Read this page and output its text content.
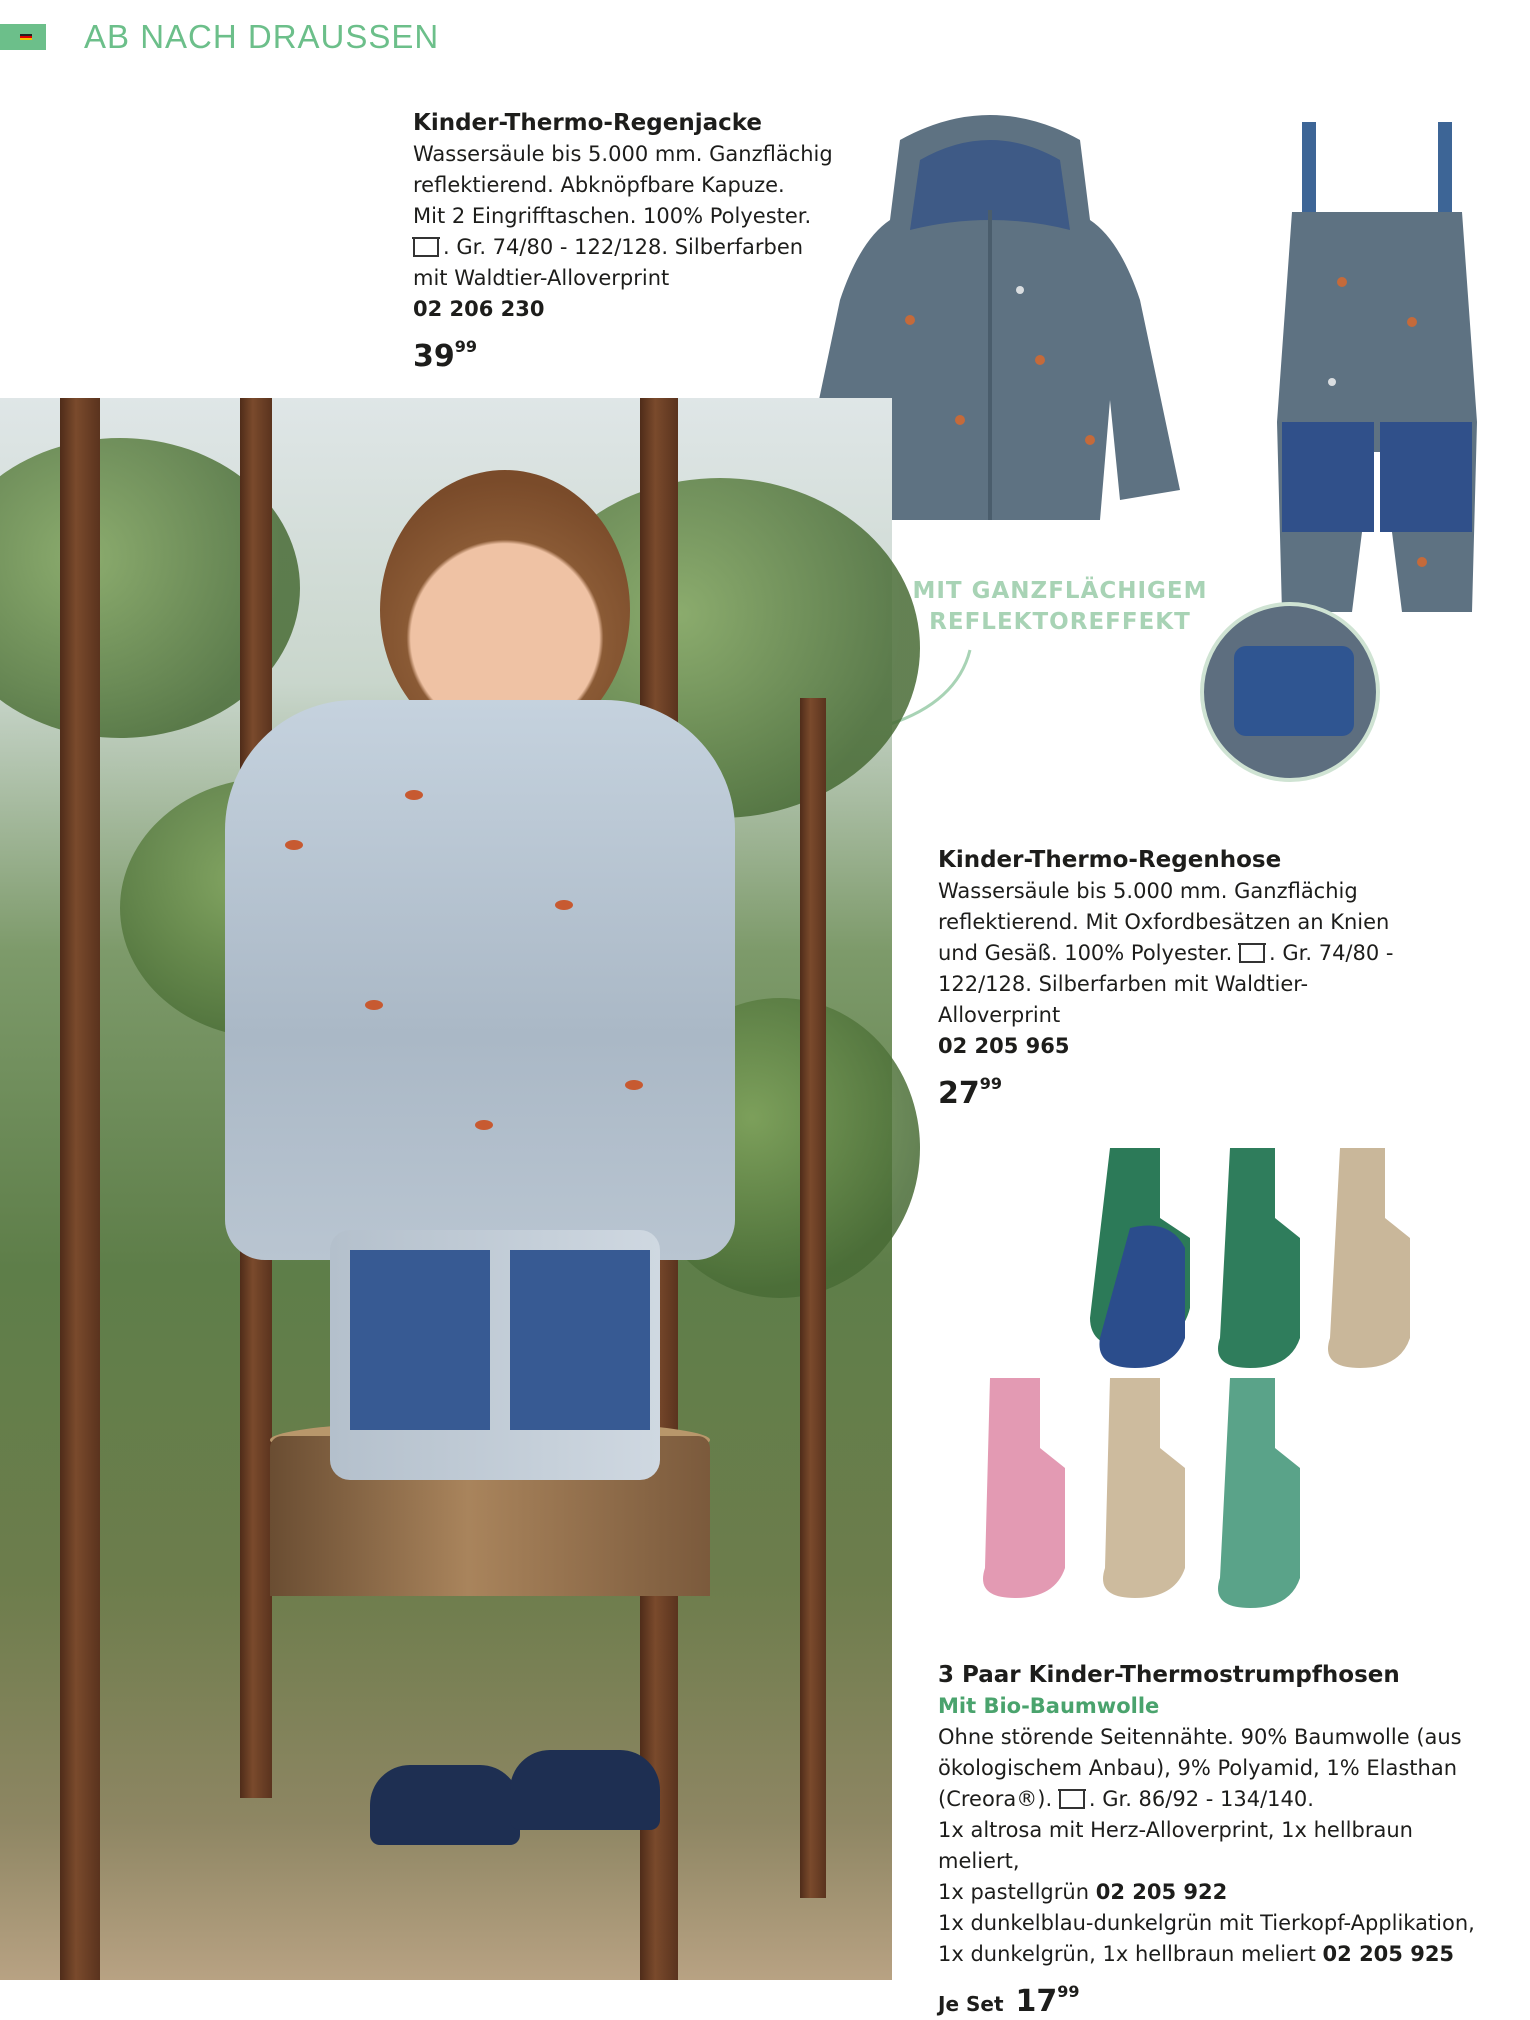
AB NACH DRAUSSEN
MIT GANZFLÄCHIGEM
REFLEKTOREFFEKT
Kinder-Thermo-Regenjacke
Wassersäule bis 5.000 mm. Ganzflächig
reflektierend. Abknöpfbare Kapuze.
Mit 2 Eingrifftaschen. 100% Polyester.
. Gr. 74/80 - 122/128. Silberfarben
mit Waldtier-Alloverprint
02 206 230
$39^{99}$
Kinder-Thermo-Regenhose
Wassersäule bis 5.000 mm. Ganzflächig
reflektierend. Mit Oxfordbesätzen an Knien
und Gesäß. 100% Polyester. . Gr. 74/80 -
122/128. Silberfarben mit Waldtier-
Alloverprint
02 205 965
$27^{99}$
3 Paar Kinder-Thermostrumpfhosen
Mit Bio-Baumwolle
Ohne störende Seitennähte. 90% Baumwolle (aus
ökologischem Anbau), 9% Polyamid, 1% Elasthan
(Creora®). . Gr. 86/92 - 134/140.
1x altrosa mit Herz-Alloverprint, 1x hellbraun meliert,
1x pastellgrün 02 205 922
1x dunkelblau-dunkelgrün mit Tierkopf-Applikation,
1x dunkelgrün, 1x hellbraun meliert 02 205 925
Je Set $17^{99}$
